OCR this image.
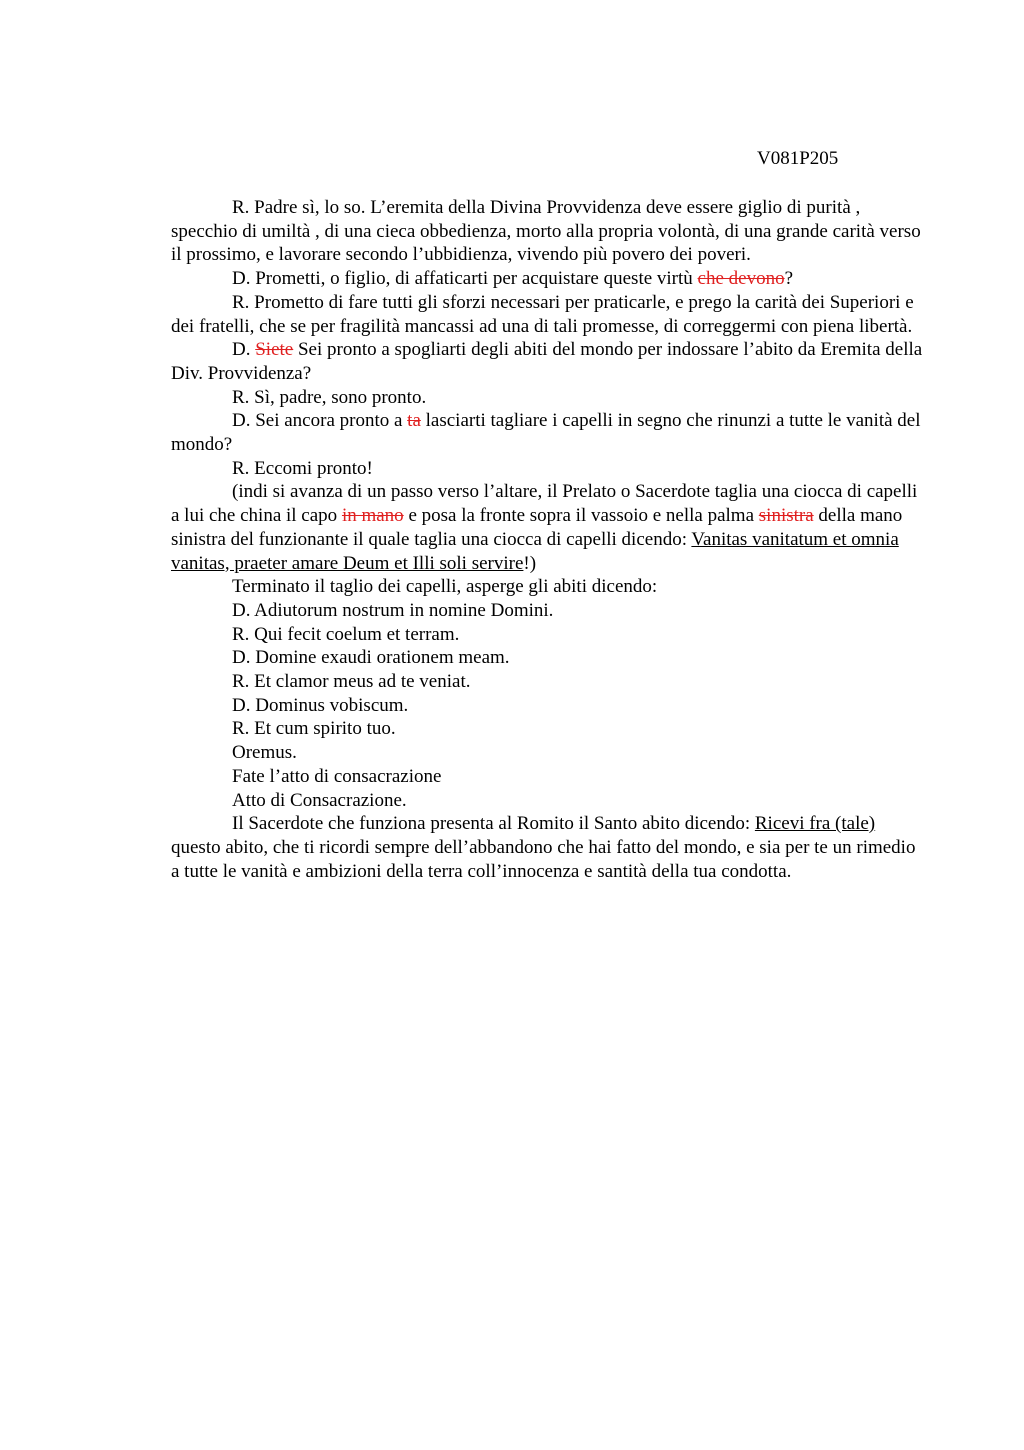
V081P205

R. Padre sì, lo so. L’eremita della Divina Provvidenza deve essere giglio di purità , specchio di umiltà , di una cieca obbedienza, morto alla propria volontà, di una grande carità verso il prossimo, e lavorare secondo l’ubbidienza, vivendo più povero dei poveri.

D. Prometti, o figlio, di affaticarti per acquistare queste virtù che devono?

R. Prometto di fare tutti gli sforzi necessari per praticarle, e prego la carità dei Superiori e dei fratelli, che se per fragilità mancassi ad una di tali promesse, di correggermi con piena libertà.

D. Siete Sei pronto a spogliarti degli abiti del mondo per indossare l’abito da Eremita della Div. Provvidenza?

R. Sì, padre, sono pronto.

D. Sei ancora pronto a ta lasciarti tagliare i capelli in segno che rinunzi a tutte le vanità del mondo?

R. Eccomi pronto!

(indi si avanza di un passo verso l’altare, il Prelato o Sacerdote taglia una ciocca di capelli a lui che china il capo in mano e posa la fronte sopra il vassoio e nella palma sinistra della mano sinistra del funzionante il quale taglia una ciocca di capelli dicendo: Vanitas vanitatum et omnia vanitas, praeter amare Deum et Illi soli servire!)

Terminato il taglio dei capelli, asperge gli abiti dicendo:

D. Adiutorum nostrum in nomine Domini.

R. Qui fecit coelum et terram.

D. Domine exaudi orationem meam.

R. Et clamor meus ad te veniat.

D. Dominus vobiscum.

R. Et cum spirito tuo.

Oremus.

Fate l’atto di consacrazione

Atto di Consacrazione.

Il Sacerdote che funziona presenta al Romito il Santo abito dicendo: Ricevi fra (tale) questo abito, che ti ricordi sempre dell’abbandono che hai fatto del mondo, e sia per te un rimedio a tutte le vanità e ambizioni della terra coll’innocenza e santità della tua condotta.
